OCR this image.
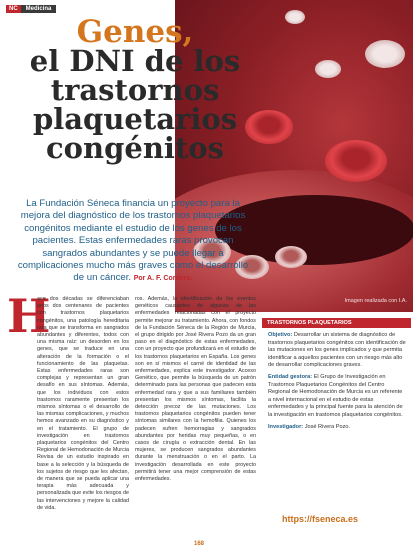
Imagen realizada con I.A.
NC	Medicina
Genes,
el DNI de los
trastornos
plaquetarios
congénitos

La Fundación Séneca financia un proyecto para la mejora del diagnóstico de los trastornos plaquetarios congénitos mediante el estudio de los genes de los pacientes. Estas enfermedades raras provocan sangrados abundantes y se puede llegar a complicaciones mucho más graves como el desarrollo de un cáncer. Por A. F. Cordero.

H

ace dos décadas se diferenciaban unos dos centenares de pacientes con trastornos plaquetarios congénitos, una patología hereditaria rara que se transforma en sangrados abundantes y diferentes, todos con una misma raíz: un desorden en los genes, que se traduce en una alteración de la formación o el funcionamiento de las plaquetas. Estas enfermedades raras son complejas y representan un gran desafío en sus síntomas. Además, que los individuos con estos trastornos raramente presentan los mismos síntomas o el desarrollo de las mismas complicaciones, y muchos hemos avanzado en su diagnóstico y en el tratamiento. El grupo de investigación en trastornos plaquetarios congénitos del Centro Regional de Hemodonación de Murcia Revisa de un estudio inspirado en base a la selección y la búsqueda de los sujetos de riesgo que les afectan, de manera que se pueda aplicar una terapia más adecuada y personalizada que evite los riesgos de las intervenciones y mejore la calidad de vida.

ros. Además, la identificación de los eventos genéticos causantes de algunas de las enfermedades relacionadas con el proyecto permite mejorar su tratamiento. Ahora, con fondos de la Fundación Séneca de la Región de Murcia, el grupo dirigido por José Rivera Pozo da un gran paso en el diagnóstico de estas enfermedades, con un proyecto que profundizará en el estudio de los trastornos plaquetarios en España. Los genes son en sí mismos el carné de identidad de las enfermedades, explica este investigador. Acceso Genético, que permite la búsqueda de un patrón determinado para las personas que padecen esta enfermedad rara y que a sus familiares también presentan los mismos síntomas, facilita la detección precoz de las mutaciones. Los trastornos plaquetarios congénitos pueden tener síntomas similares con la hemofilia. Quienes los padecen sufren hemorragias y sangrados abundantes por heridas muy pequeñas, o en casos de cirugía o extracción dental. En las mujeres, se producen sangrados abundantes durante la menstruación o en el parto. La investigación desarrollada en este proyecto permitirá tener una mejor comprensión de estas enfermedades.

TRASTORNOS PLAQUETARIOS

Objetivo: Desarrollar un sistema de diagnóstico de trastornos plaquetarios congénitos con identificación de las mutaciones en los genes implicados y que permita identificar a aquellos pacientes con un riesgo más alto de desarrollar complicaciones graves.

Entidad gestora: El Grupo de Investigación en Trastornos Plaquetarios Congénitos del Centro Regional de Hemodonación de Murcia es un referente a nivel internacional en el estudio de estas enfermedades y la principal fuente para la atención de la investigación en trastornos plaquetarios congénitos.

Investigador: José Rivera Pozo.

https://fseneca.es
168
